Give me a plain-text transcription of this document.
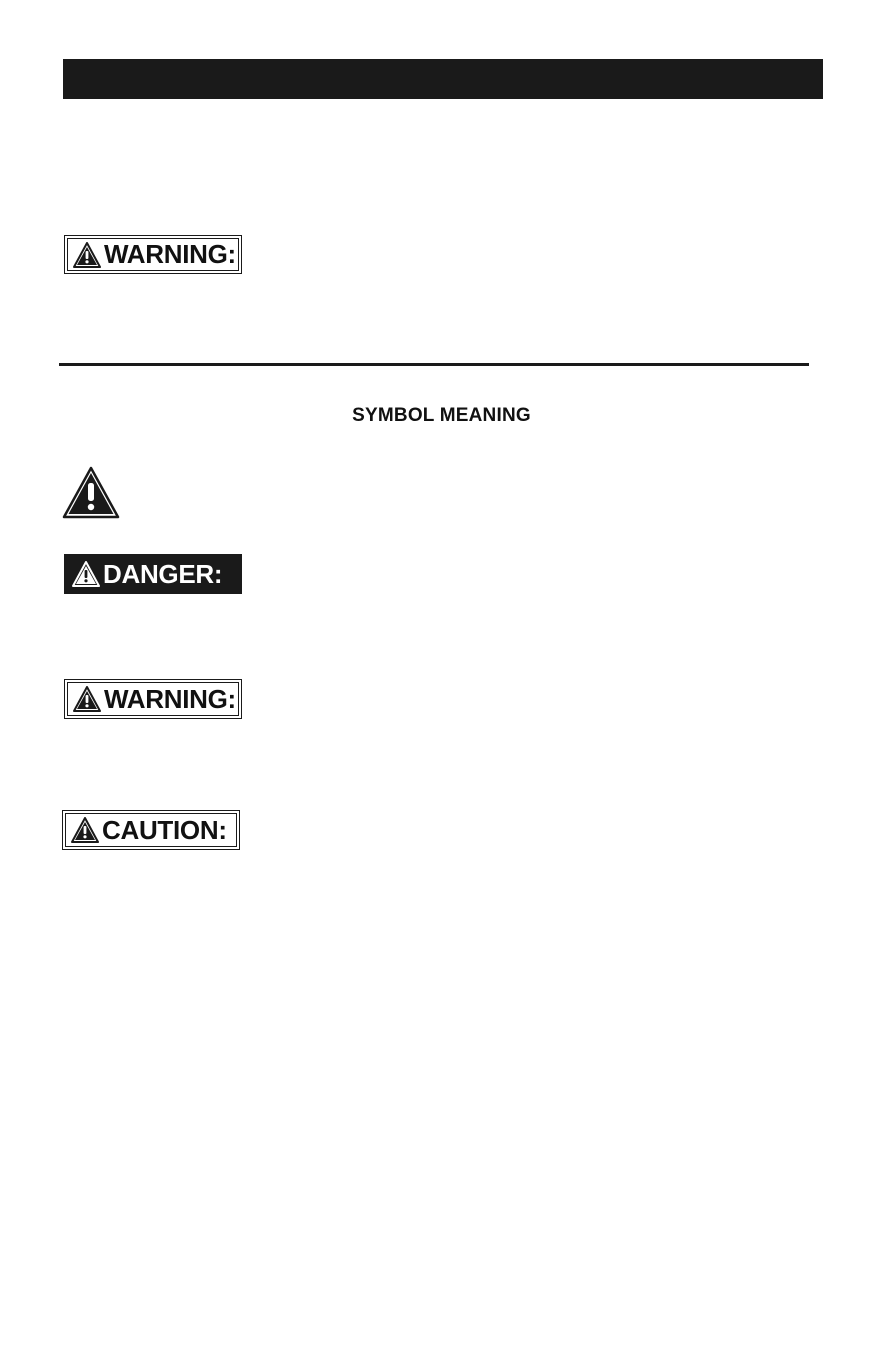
WARNING:
SYMBOL MEANING
DANGER:
WARNING:
CAUTION:
